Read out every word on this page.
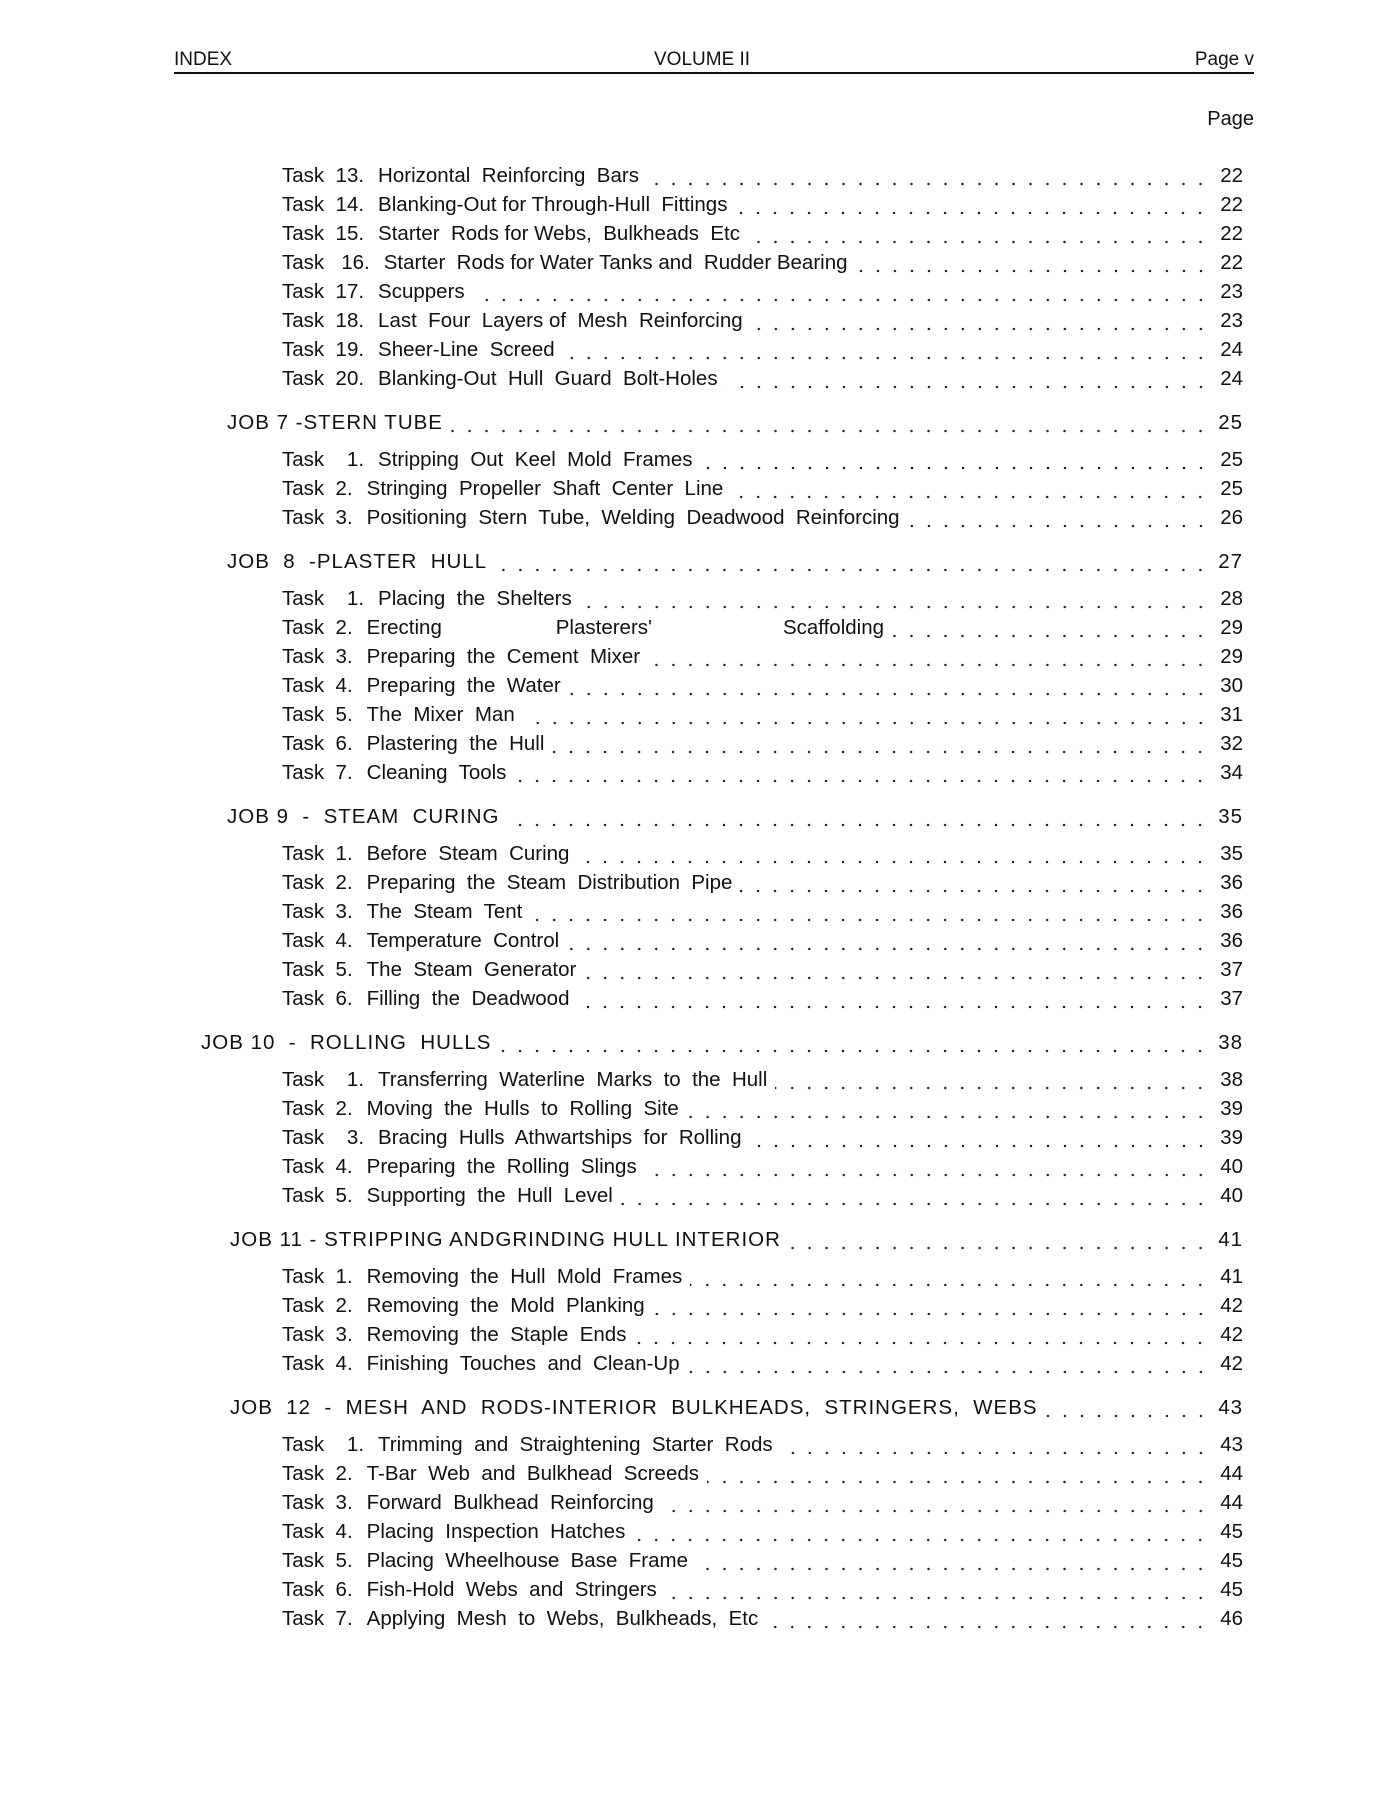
INDEX	VOLUME II	Page v
Page
Task  13. Horizontal  Reinforcing  Bars	22
Task  14. Blanking-Out for Through-Hull  Fittings	22
Task  15. Starter  Rods for Webs,  Bulkheads  Etc	22
Task   16. Starter  Rods for Water Tanks and  Rudder Bearing	22
Task  17. Scuppers	23
Task  18. Last  Four  Layers of  Mesh  Reinforcing	23
Task  19. Sheer-Line  Screed	24
Task  20. Blanking-Out  Hull  Guard  Bolt-Holes	24
JOB 7 -STERN TUBE	25
Task    1. Stripping  Out  Keel  Mold  Frames	25
Task  2. Stringing  Propeller  Shaft  Center  Line	25
Task  3. Positioning  Stern  Tube,  Welding  Deadwood  Reinforcing	26
JOB  8  -PLASTER  HULL	27
Task    1. Placing  the  Shelters	28
Task  2. Erecting                    Plasterers'                       Scaffolding	29
Task  3. Preparing  the  Cement  Mixer	29
Task  4. Preparing  the  Water	30
Task  5. The  Mixer  Man	31
Task  6. Plastering  the  Hull	32
Task  7. Cleaning  Tools	34
JOB 9  -  STEAM  CURING	35
Task  1. Before  Steam  Curing	35
Task  2. Preparing  the  Steam  Distribution  Pipe	36
Task  3. The  Steam  Tent	36
Task  4. Temperature  Control	36
Task  5. The  Steam  Generator	37
Task  6. Filling  the  Deadwood	37
JOB 10  -  ROLLING  HULLS	38
Task    1. Transferring  Waterline  Marks  to  the  Hull	38
Task  2. Moving  the  Hulls  to  Rolling  Site	39
Task    3. Bracing  Hulls  Athwartships  for  Rolling	39
Task  4. Preparing  the  Rolling  Slings	40
Task  5. Supporting  the  Hull  Level	40
JOB 11 - STRIPPING ANDGRINDING HULL INTERIOR	41
Task  1. Removing  the  Hull  Mold  Frames	41
Task  2. Removing  the  Mold  Planking	42
Task  3. Removing  the  Staple  Ends	42
Task  4. Finishing  Touches  and  Clean-Up	42
JOB  12  -  MESH  AND  RODS-INTERIOR  BULKHEADS,  STRINGERS,  WEBS	43
Task    1. Trimming  and  Straightening  Starter  Rods	43
Task  2. T-Bar  Web  and  Bulkhead  Screeds	44
Task  3. Forward  Bulkhead  Reinforcing	44
Task  4. Placing  Inspection  Hatches	45
Task  5. Placing  Wheelhouse  Base  Frame	45
Task  6. Fish-Hold  Webs  and  Stringers	45
Task  7. Applying  Mesh  to  Webs,  Bulkheads,  Etc	46
